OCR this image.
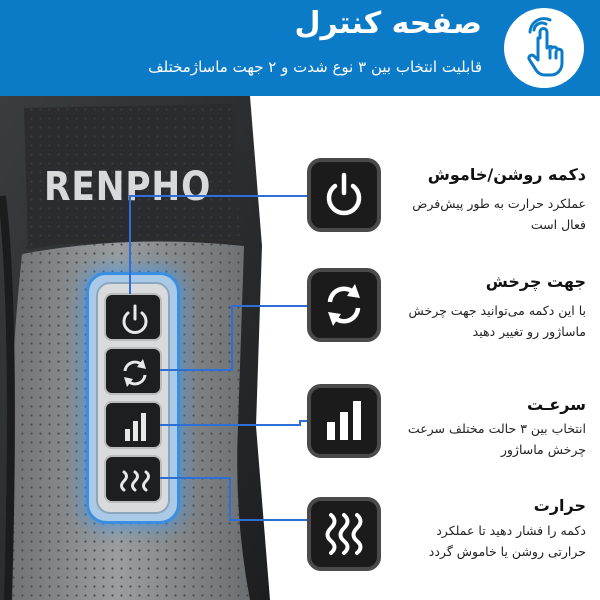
صفحه کنترل
قابلیت انتخاب بین ۳ نوع شدت و ۲ جهت ماساژمختلف
RENPHO	دکمه روشن/خاموش
عملکرد حرارت به طور پیش‌فرض فعال است
جهت چرخش
با این دکمه می‌توانید جهت چرخش ماساژور رو تغییر دهید
سرعـت
انتخاب بین ۳ حالت مختلف سرعت چرخش ماساژور
حرارت
دکمه را فشار دهید تا عملکرد حرارتی روشن یا خاموش گردد
